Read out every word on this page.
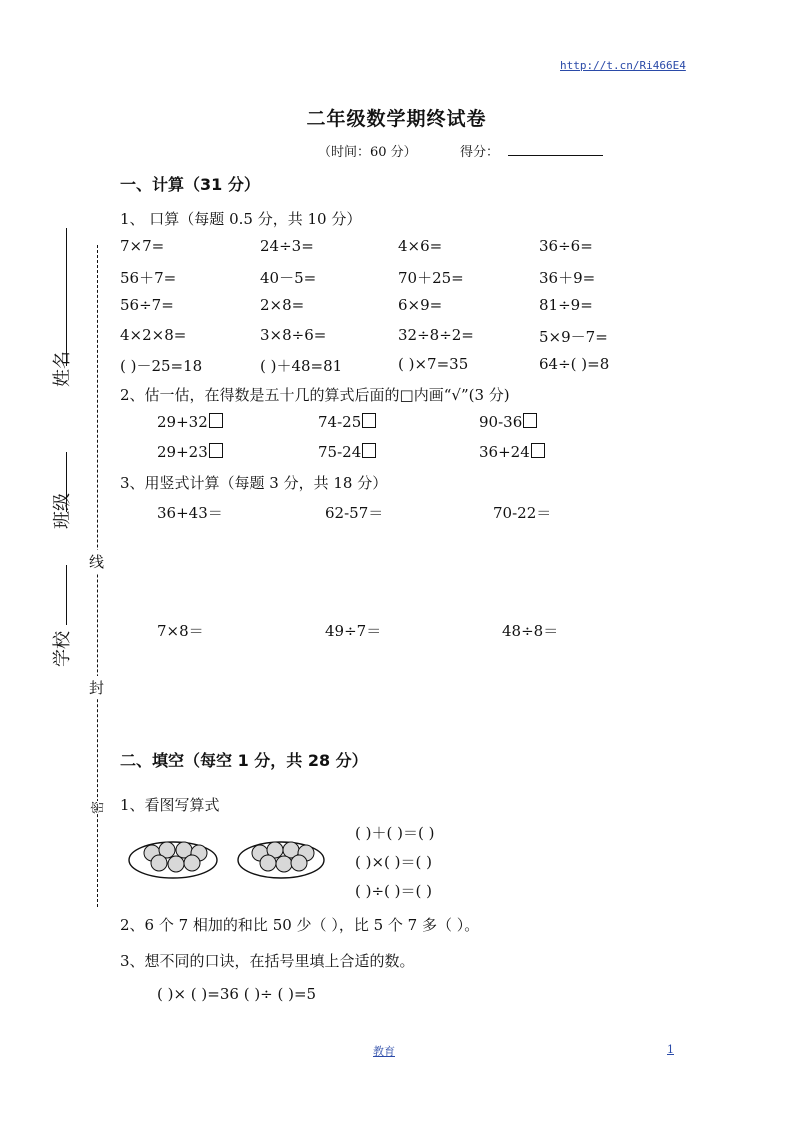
http://t.cn/Ri466E4
二年级数学期终试卷
（时间：60 分）	得分：
姓名
班级
学校
线
封
密
一、计算（31 分）
1、 口算（每题 0.5 分，共 10 分）
7×7=	24÷3=	4×6=	36÷6=
56＋7=	40－5=	70＋25=	36＋9=
56÷7=	2×8=	6×9=	81÷9=
4×2×8=	3×8÷6=	32÷8÷2=	5×9－7=
( )－25=18	( )＋48=81	( )×7=35	64÷( )=8
2、估一估，在得数是五十几的算式后面的□内画“√”(3 分)
29+32	74-25	90-36
29+23	75-24	36+24
3、用竖式计算（每题 3 分，共 18 分）
36+43＝	62-57＝	70-22＝
7×8＝	49÷7＝	48÷8＝
二、填空（每空 1 分，共 28 分）
1、看图写算式
( )＋( )＝( )
( )×( )＝( )
( )÷( )＝( )
2、6 个 7 相加的和比 50 少（ ），比 5 个 7 多（ ）。
3、想不同的口诀，在括号里填上合适的数。
( )× ( )=36 ( )÷ ( )=5
教育	1
